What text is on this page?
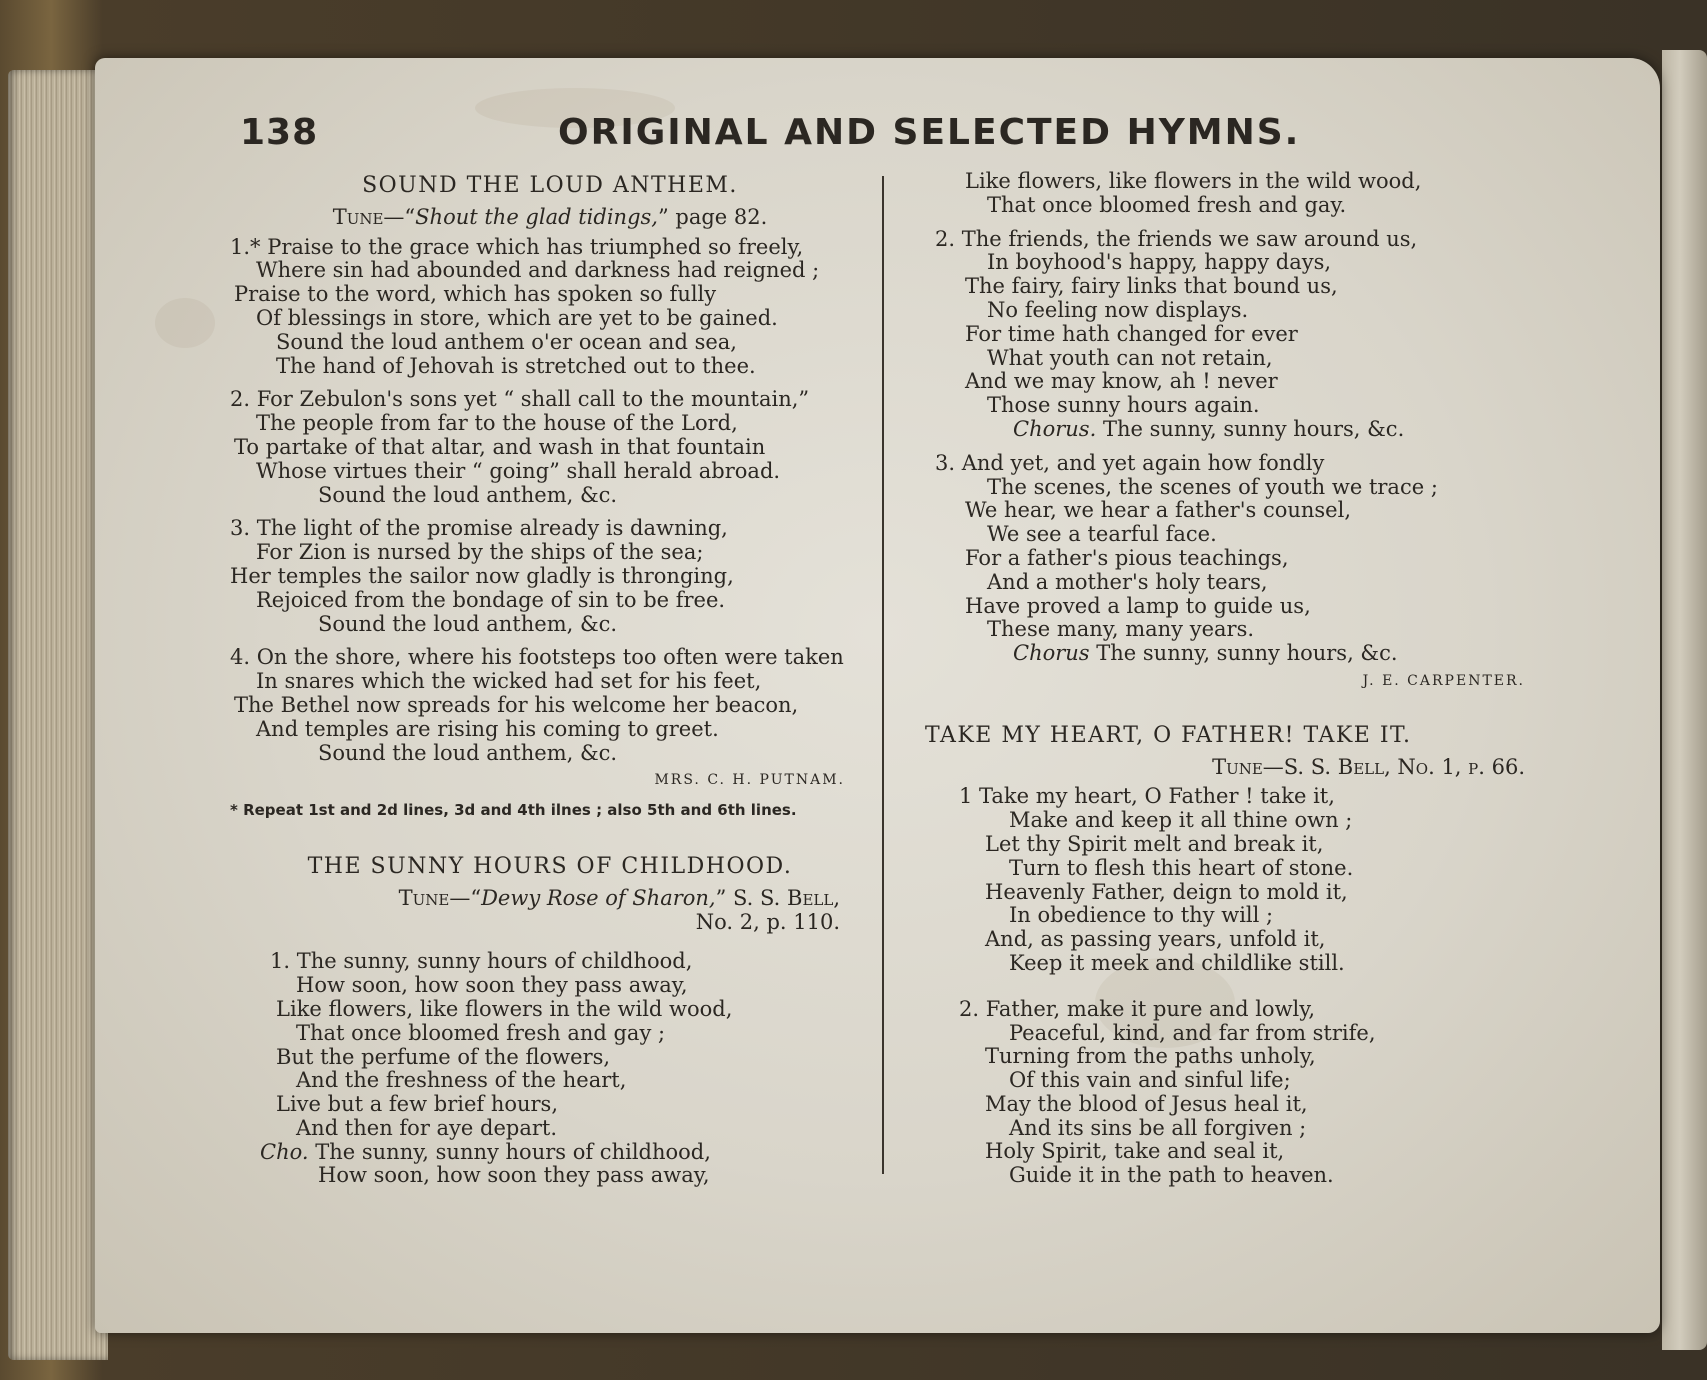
138	ORIGINAL AND SELECTED HYMNS.
SOUND THE LOUD ANTHEM.
Tune—“Shout the glad tidings,” page 82.
1.* Praise to the grace which has triumphed so freely,
Where sin had abounded and darkness had reigned ;
Praise to the word, which has spoken so fully
Of blessings in store, which are yet to be gained.
Sound the loud anthem o'er ocean and sea,
The hand of Jehovah is stretched out to thee.
2. For Zebulon's sons yet “ shall call to the mountain,”
The people from far to the house of the Lord,
To partake of that altar, and wash in that fountain
Whose virtues their “ going” shall herald abroad.
Sound the loud anthem, &c.
3. The light of the promise already is dawning,
For Zion is nursed by the ships of the sea;
Her temples the sailor now gladly is thronging,
Rejoiced from the bondage of sin to be free.
Sound the loud anthem, &c.
4. On the shore, where his footsteps too often were taken
In snares which the wicked had set for his feet,
The Bethel now spreads for his welcome her beacon,
And temples are rising his coming to greet.
Sound the loud anthem, &c.
MRS. C. H. PUTNAM.
* Repeat 1st and 2d lines, 3d and 4th ilnes ; also 5th and 6th lines.
THE SUNNY HOURS OF CHILDHOOD.
Tune—“Dewy Rose of Sharon,” S. S. Bell,
No. 2, p. 110.
1. The sunny, sunny hours of childhood,
How soon, how soon they pass away,
Like flowers, like flowers in the wild wood,
That once bloomed fresh and gay ;
But the perfume of the flowers,
And the freshness of the heart,
Live but a few brief hours,
And then for aye depart.
Cho. The sunny, sunny hours of childhood,
How soon, how soon they pass away,
Like flowers, like flowers in the wild wood,
That once bloomed fresh and gay.
2. The friends, the friends we saw around us,
In boyhood's happy, happy days,
The fairy, fairy links that bound us,
No feeling now displays.
For time hath changed for ever
What youth can not retain,
And we may know, ah ! never
Those sunny hours again.
Chorus. The sunny, sunny hours, &c.
3. And yet, and yet again how fondly
The scenes, the scenes of youth we trace ;
We hear, we hear a father's counsel,
We see a tearful face.
For a father's pious teachings,
And a mother's holy tears,
Have proved a lamp to guide us,
These many, many years.
Chorus The sunny, sunny hours, &c.
J. E. CARPENTER.
TAKE MY HEART, O FATHER! TAKE IT.
Tune—S. S. Bell, No. 1, p. 66.
1 Take my heart, O Father ! take it,
Make and keep it all thine own ;
Let thy Spirit melt and break it,
Turn to flesh this heart of stone.
Heavenly Father, deign to mold it,
In obedience to thy will ;
And, as passing years, unfold it,
Keep it meek and childlike still.
2. Father, make it pure and lowly,
Peaceful, kind, and far from strife,
Turning from the paths unholy,
Of this vain and sinful life;
May the blood of Jesus heal it,
And its sins be all forgiven ;
Holy Spirit, take and seal it,
Guide it in the path to heaven.
